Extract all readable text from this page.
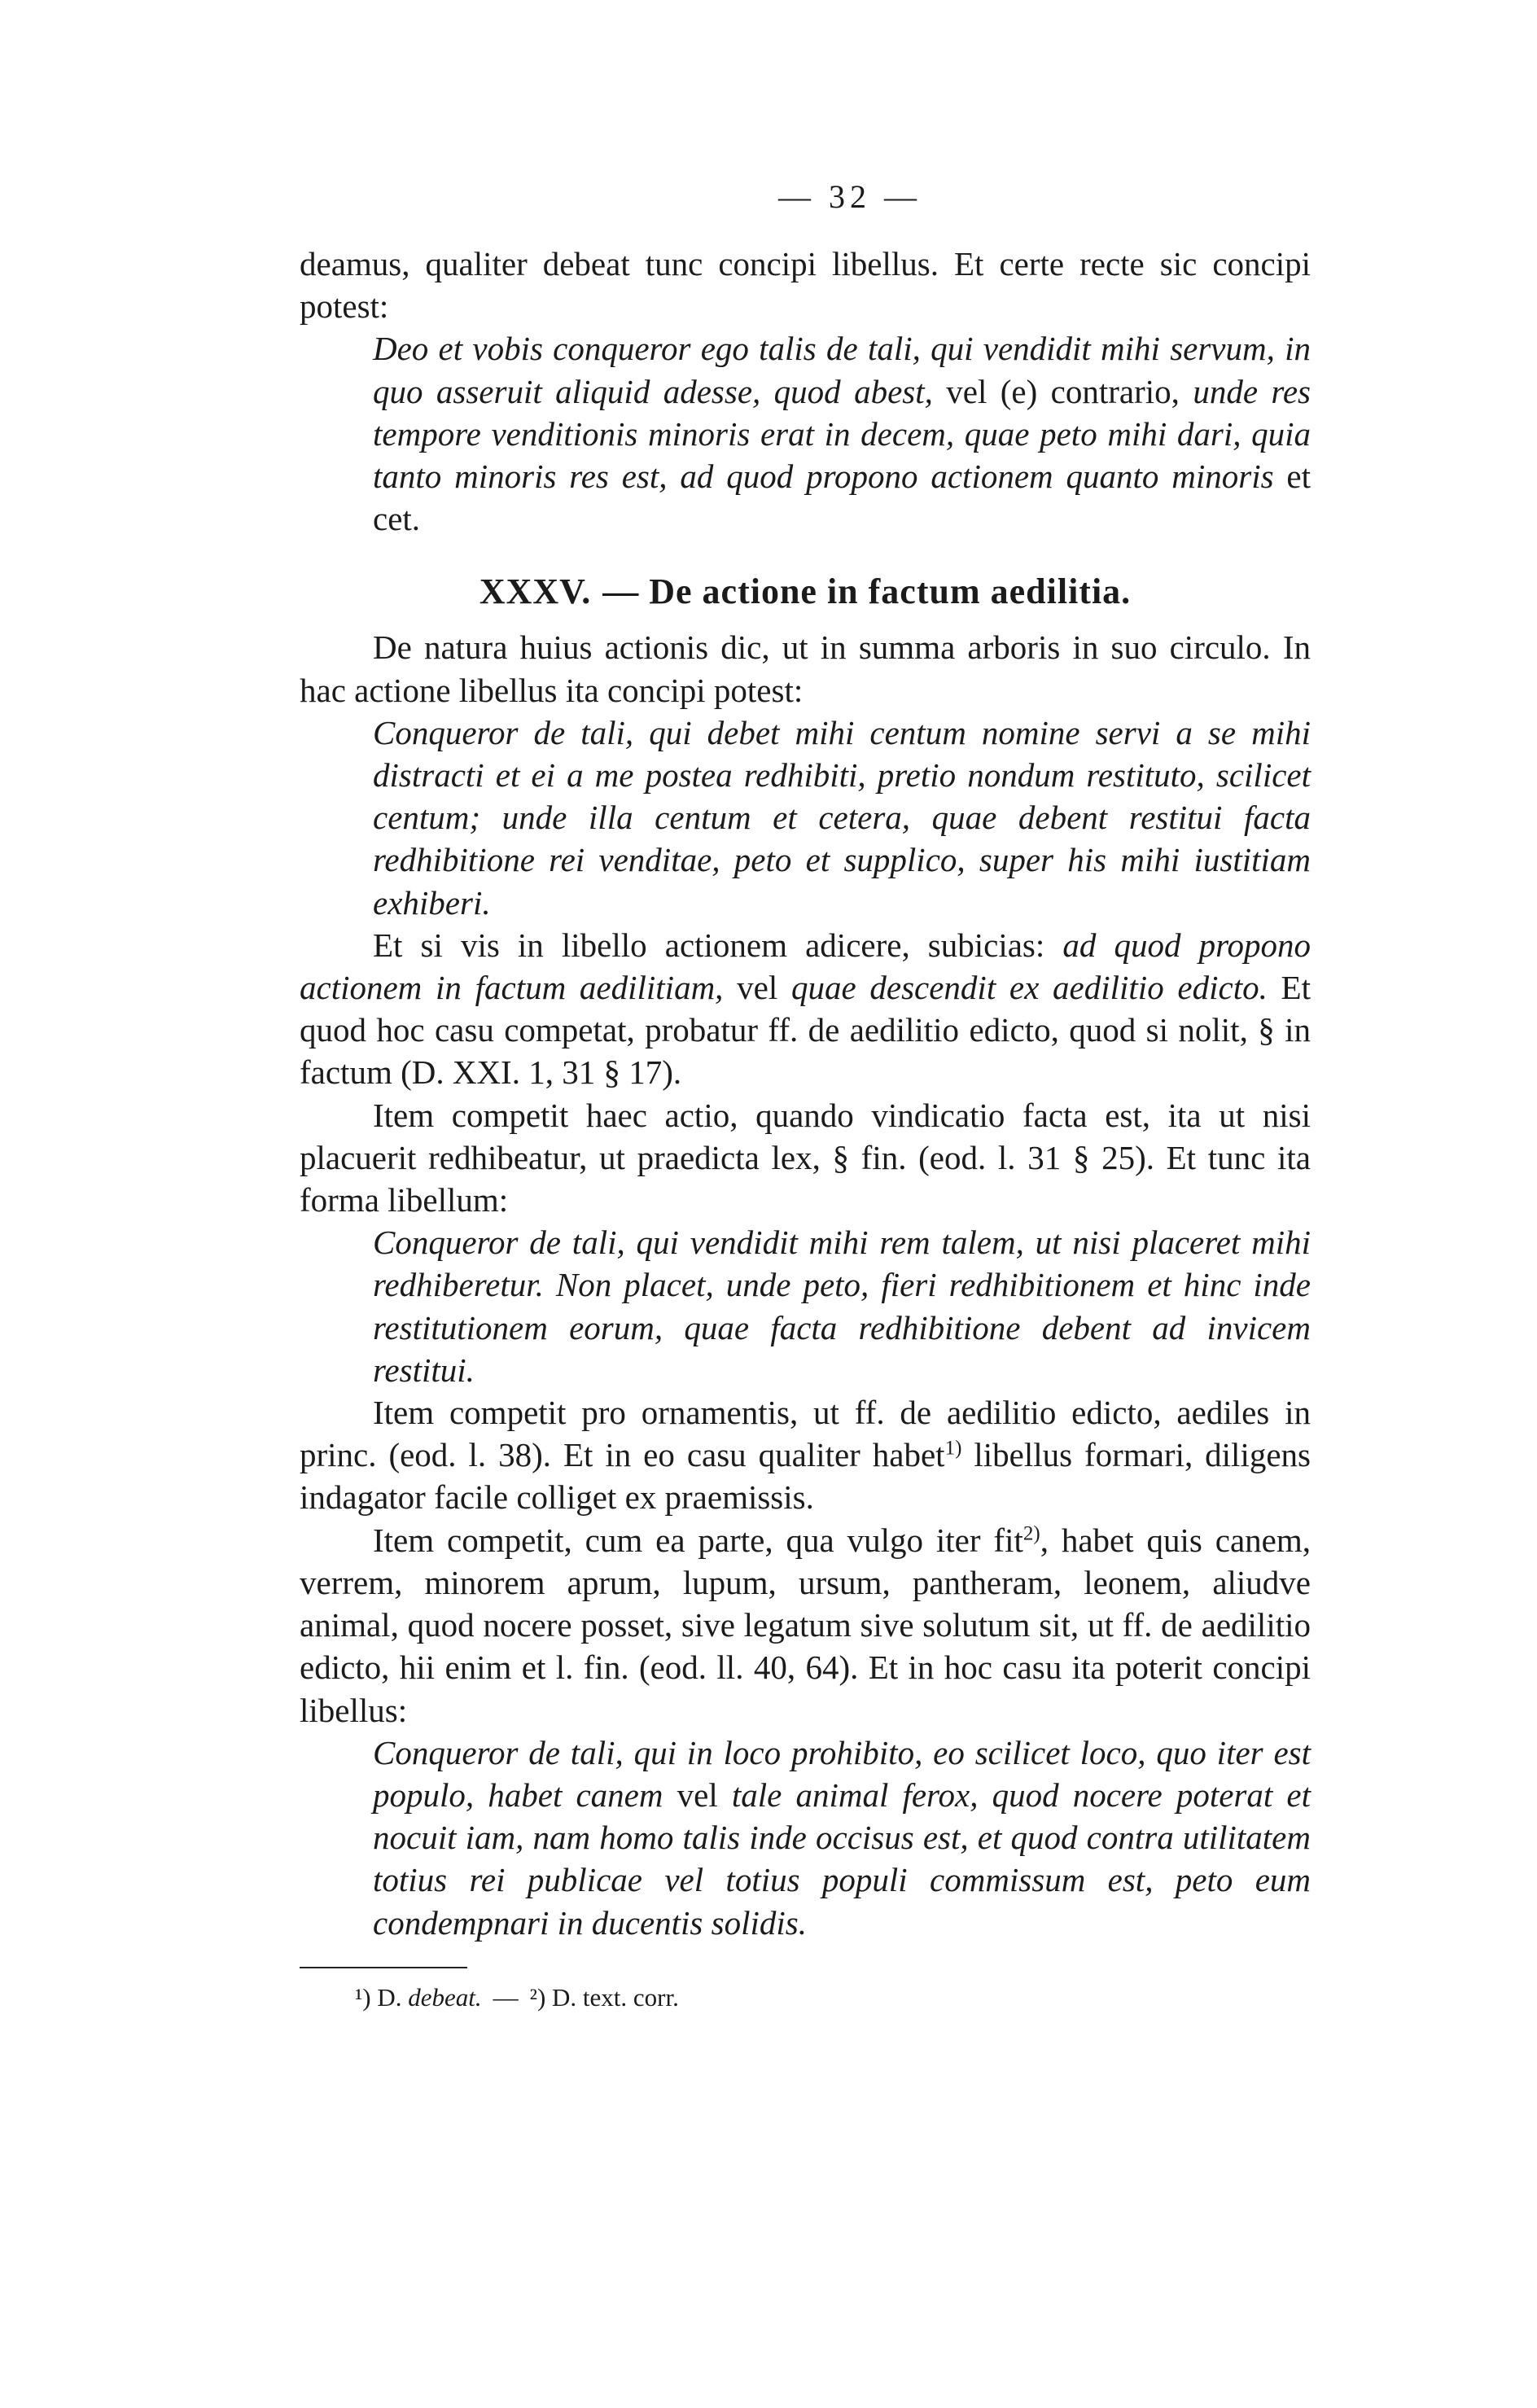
— 32 —

deamus, qualiter debeat tunc concipi libellus. Et certe recte sic concipi potest:

Deo et vobis conqueror ego talis de tali, qui vendidit mihi servum, in quo asseruit aliquid adesse, quod abest, vel (e) contrario, unde res tempore venditionis minoris erat in decem, quae peto mihi dari, quia tanto minoris res est, ad quod propono actionem quanto minoris et cet.

XXXV. — De actione in factum aedilitia.

De natura huius actionis dic, ut in summa arboris in suo circulo. In hac actione libellus ita concipi potest:

Conqueror de tali, qui debet mihi centum nomine servi a se mihi distracti et ei a me postea redhibiti, pretio nondum restituto, scilicet centum; unde illa centum et cetera, quae debent restitui facta redhibitione rei venditae, peto et supplico, super his mihi iustitiam exhiberi.

Et si vis in libello actionem adicere, subicias: ad quod propono actionem in factum aedilitiam, vel quae descendit ex aedilitio edicto. Et quod hoc casu competat, probatur ff. de aedilitio edicto, quod si nolit, § in factum (D. XXI. 1, 31 § 17).

Item competit haec actio, quando vindicatio facta est, ita ut nisi placuerit redhibeatur, ut praedicta lex, § fin. (eod. l. 31 § 25). Et tunc ita forma libellum:

Conqueror de tali, qui vendidit mihi rem talem, ut nisi placeret mihi redhiberetur. Non placet, unde peto, fieri redhibitionem et hinc inde restitutionem eorum, quae facta redhibitione debent ad invicem restitui.

Item competit pro ornamentis, ut ff. de aedilitio edicto, aediles in princ. (eod. l. 38). Et in eo casu qualiter habet$^{1)}$ libellus formari, diligens indagator facile colliget ex praemissis.

Item competit, cum ea parte, qua vulgo iter fit$^{2)}$, habet quis canem, verrem, minorem aprum, lupum, ursum, pantheram, leonem, aliudve animal, quod nocere posset, sive legatum sive solutum sit, ut ff. de aedilitio edicto, hii enim et l. fin. (eod. ll. 40, 64). Et in hoc casu ita poterit concipi libellus:

Conqueror de tali, qui in loco prohibito, eo scilicet loco, quo iter est populo, habet canem vel tale animal ferox, quod nocere poterat et nocuit iam, nam homo talis inde occisus est, et quod contra utilitatem totius rei publicae vel totius populi commissum est, peto eum condempnari in ducentis solidis.

¹) D. debeat. — ²) D. text. corr.
